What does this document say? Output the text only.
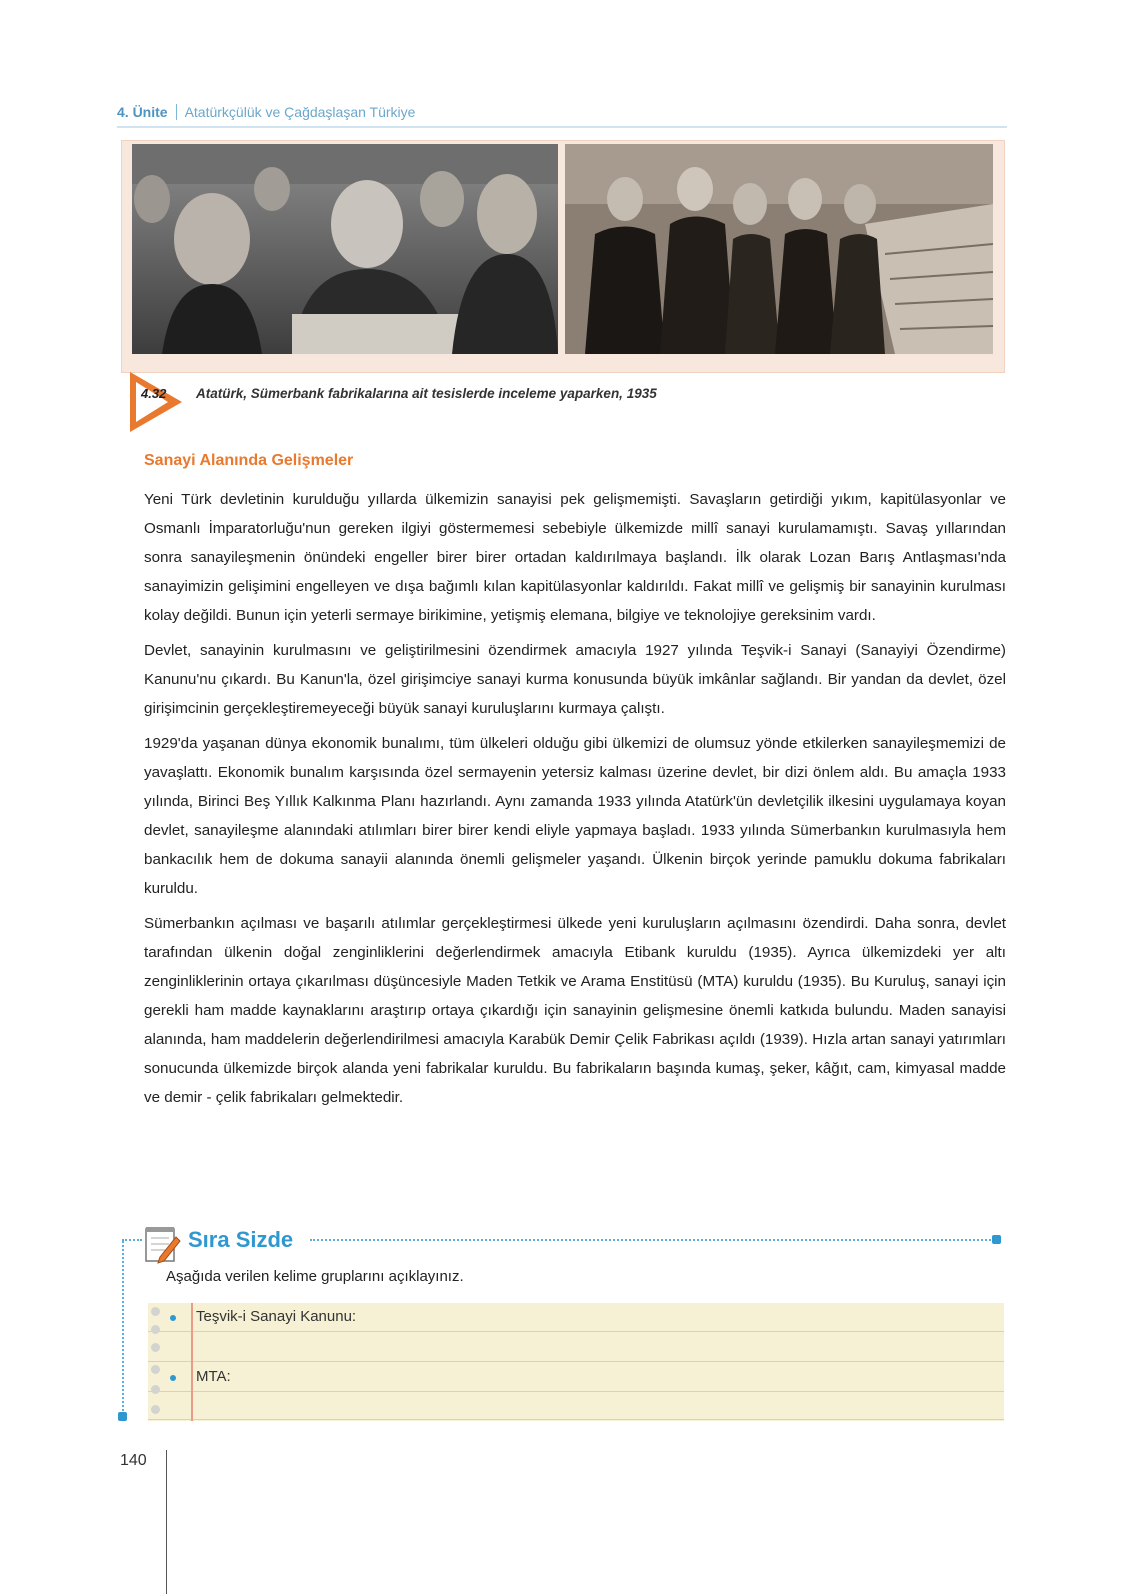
4. Ünite Atatürkçülük ve Çağdaşlaşan Türkiye
4.32 Atatürk, Sümerbank fabrikalarına ait tesislerde inceleme yaparken, 1935
Sanayi Alanında Gelişmeler

Yeni Türk devletinin kurulduğu yıllarda ülkemizin sanayisi pek gelişmemişti. Savaşların getirdiği yıkım, kapitülasyonlar ve Osmanlı İmparatorluğu'nun gereken ilgiyi göstermemesi sebebiyle ülkemizde millî sanayi kurulamamıştı. Savaş yıllarından sonra sanayileşmenin önündeki engeller birer birer ortadan kaldırılmaya başlandı. İlk olarak Lozan Barış Antlaşması'nda sanayimizin gelişimini engelleyen ve dışa bağımlı kılan kapitülasyonlar kaldırıldı. Fakat millî ve gelişmiş bir sanayinin kurulması kolay değildi. Bunun için yeterli sermaye birikimine, yetişmiş elemana, bilgiye ve teknolojiye gereksinim vardı.

Devlet, sanayinin kurulmasını ve geliştirilmesini özendirmek amacıyla 1927 yılında Teşvik-i Sanayi (Sanayiyi Özendirme) Kanunu'nu çıkardı. Bu Kanun'la, özel girişimciye sanayi kurma konusunda büyük imkânlar sağlandı. Bir yandan da devlet, özel girişimcinin gerçekleştiremeyeceği büyük sanayi kuruluşlarını kurmaya çalıştı.

1929'da yaşanan dünya ekonomik bunalımı, tüm ülkeleri olduğu gibi ülkemizi de olumsuz yönde etkilerken sanayileşmemizi de yavaşlattı. Ekonomik bunalım karşısında özel sermayenin yetersiz kalması üzerine devlet, bir dizi önlem aldı. Bu amaçla 1933 yılında, Birinci Beş Yıllık Kalkınma Planı hazırlandı. Aynı zamanda 1933 yılında Atatürk'ün devletçilik ilkesini uygulamaya koyan devlet, sanayileşme alanındaki atılımları birer birer kendi eliyle yapmaya başladı. 1933 yılında Sümerbankın kurulmasıyla hem bankacılık hem de dokuma sanayii alanında önemli gelişmeler yaşandı. Ülkenin birçok yerinde pamuklu dokuma fabrikaları kuruldu.

Sümerbankın açılması ve başarılı atılımlar gerçekleştirmesi ülkede yeni kuruluşların açılmasını özendirdi. Daha sonra, devlet tarafından ülkenin doğal zenginliklerini değerlendirmek amacıyla Etibank kuruldu (1935). Ayrıca ülkemizdeki yer altı zenginliklerinin ortaya çıkarılması düşüncesiyle Maden Tetkik ve Arama Enstitüsü (MTA) kuruldu (1935). Bu Kuruluş, sanayi için gerekli ham madde kaynaklarını araştırıp ortaya çıkardığı için sanayinin gelişmesine önemli katkıda bulundu. Maden sanayisi alanında, ham maddelerin değerlendirilmesi amacıyla Karabük Demir Çelik Fabrikası açıldı (1939). Hızla artan sanayi yatırımları sonucunda ülkemizde birçok alanda yeni fabrikalar kuruldu. Bu fabrikaların başında kumaş, şeker, kâğıt, cam, kimyasal madde ve demir - çelik fabrikaları gelmektedir.

Sıra Sizde
Aşağıda verilen kelime gruplarını açıklayınız.
Teşvik-i Sanayi Kanunu:
MTA:
140
